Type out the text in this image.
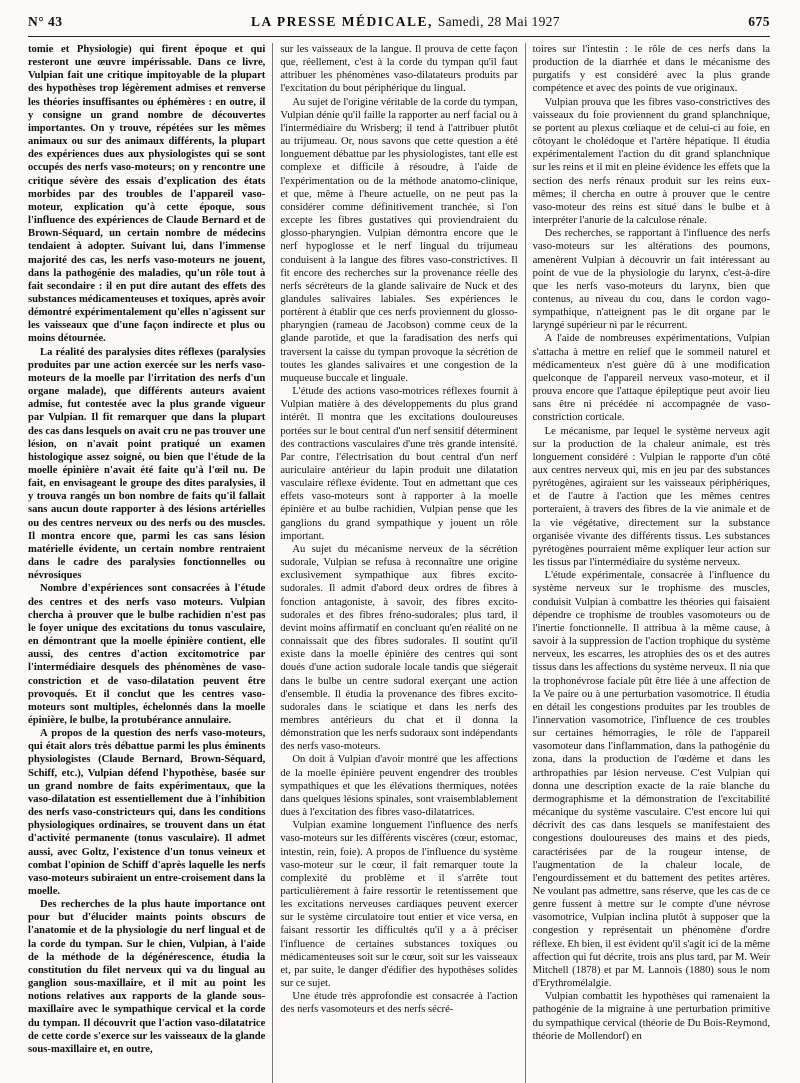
N° 43	LA PRESSE MÉDICALE, Samedi, 28 Mai 1927	675

tomie et Physiologie) qui firent époque et qui resteront une œuvre impérissable. Dans ce livre, Vulpian fait une critique impitoyable de la plupart des hypothèses trop légèrement admises et renverse les théories insuffisantes ou éphémères : en outre, il y consigne un grand nombre de découvertes importantes. On y trouve, répétées sur les mêmes animaux ou sur des animaux différents, la plupart des expériences dues aux physiologistes qui se sont occupés des nerfs vaso-moteurs; on y rencontre une critique sévère des essais d'explication des états morbides par des troubles de l'appareil vaso-moteur, explication qu'à cette époque, sous l'influence des expériences de Claude Bernard et de Brown-Séquard, un certain nombre de médecins tendaient à adopter. Suivant lui, dans l'immense majorité des cas, les nerfs vaso-moteurs ne jouent, dans la pathogénie des maladies, qu'un rôle tout à fait secondaire : il en put dire autant des effets des substances médicamenteuses et toxiques, après avoir démontré expérimentalement qu'elles n'agissent sur les vaisseaux que d'une façon indirecte et plus ou moins détournée.

La réalité des paralysies dites réflexes (paralysies produites par une action exercée sur les nerfs vaso-moteurs de la moelle par l'irritation des nerfs d'un organe malade), que différents auteurs avaient admise, fut contestée avec la plus grande vigueur par Vulpian. Il fit remarquer que dans la plupart des cas dans lesquels on avait cru ne pas trouver une lésion, on n'avait point pratiqué un examen histologique assez soigné, ou bien que l'étude de la moelle épinière n'avait été faite qu'à l'œil nu. De fait, en envisageant le groupe des dites paralysies, il y trouva rangés un bon nombre de faits qu'il fallait sans aucun doute rapporter à des lésions artérielles ou des centres nerveux ou des nerfs ou des muscles. Il montra encore que, parmi les cas sans lésion matérielle évidente, un certain nombre rentraient dans le cadre des paralysies fonctionnelles ou névrosiques

Nombre d'expériences sont consacrées à l'étude des centres et des nerfs vaso moteurs. Vulpian chercha à prouver que le bulbe rachidien n'est pas le foyer unique des excitations du tonus vasculaire, en démontrant que la moelle épinière contient, elle aussi, des centres d'action excitomotrice par l'intermédiaire desquels des phénomènes de vaso-constriction et de vaso-dilatation peuvent être provoqués. Et il conclut que les centres vaso-moteurs sont multiples, échelonnés dans la moelle épinière, le bulbe, la protubérance annulaire.

A propos de la question des nerfs vaso-moteurs, qui était alors très débattue parmi les plus éminents physiologistes (Claude Bernard, Brown-Séquard, Schiff, etc.), Vulpian défend l'hypothèse, basée sur un grand nombre de faits expérimentaux, que la vaso-dilatation est essentiellement due à l'inhibition des nerfs vaso-constricteurs qui, dans les conditions physiologiques ordinaires, se trouvent dans un état d'activité permanente (tonus vasculaire). Il admet aussi, avec Goltz, l'existence d'un tonus veineux et combat l'opinion de Schiff d'après laquelle les nerfs vaso-moteurs subiraient un entre-croisement dans la moelle.

Des recherches de la plus haute importance ont pour but d'élucider maints points obscurs de l'anatomie et de la physiologie du nerf lingual et de la corde du tympan. Sur le chien, Vulpian, à l'aide de la méthode de la dégénérescence, étudia la constitution du filet nerveux qui va du lingual au ganglion sous-maxillaire, et il mit au point les notions relatives aux rapports de la glande sous-maxillaire avec le sympathique cervical et la corde du tympan. Il découvrit que l'action vaso-dilatatrice de cette corde s'exerce sur les vaisseaux de la glande sous-maxillaire et, en outre,

sur les vaisseaux de la langue. Il prouva de cette façon que, réellement, c'est à la corde du tympan qu'il faut attribuer les phénomènes vaso-dilatateurs produits par l'excitation du bout périphérique du lingual.

Au sujet de l'origine véritable de la corde du tympan, Vulpian dénie qu'il faille la rapporter au nerf facial ou à l'intermédiaire du Wrisberg; il tend à l'attribuer plutôt au trijumeau. Or, nous savons que cette question a été longuement débattue par les physiologistes, tant elle est complexe et difficile à résoudre, à l'aide de l'expérimentation ou de la méthode anatomo-clinique, et que, même à l'heure actuelle, on ne peut pas la considérer comme définitivement tranchée, si l'on excepte les fibres gustatives qui proviendraient du glosso-pharyngien. Vulpian démontra encore que le nerf hypoglosse et le nerf lingual du trijumeau conduisent à la langue des fibres vaso-constrictives. Il fit encore des recherches sur la provenance réelle des nerfs sécréteurs de la glande salivaire de Nuck et des glandules salivaires labiales. Ses expériences le portèrent à établir que ces nerfs proviennent du glosso-pharyngien (rameau de Jacobson) comme ceux de la glande parotide, et que la faradisation des nerfs qui traversent la caisse du tympan provoque la sécrétion de toutes les glandes salivaires et une congestion de la muqueuse buccale et linguale.

L'étude des actions vaso-motrices réflexes fournit à Vulpian matière à des développements du plus grand intérêt. Il montra que les excitations douloureuses portées sur le bout central d'un nerf sensitif déterminent des contractions vasculaires d'une très grande intensité. Par contre, l'électrisation du bout central d'un nerf auriculaire antérieur du lapin produit une dilatation vasculaire réflexe évidente. Tout en admettant que ces effets vaso-moteurs sont à rapporter à la moelle épinière et au bulbe rachidien, Vulpian pense que les ganglions du grand sympathique y jouent un rôle important.

Au sujet du mécanisme nerveux de la sécrétion sudorale, Vulpian se refusa à reconnaître une origine exclusivement sympathique aux fibres excito-sudorales. Il admit d'abord deux ordres de fibres à fonction antagoniste, à savoir, des fibres excito-sudorales et des fibres fréno-sudorales; plus tard, il devint moins affirmatif en concluant qu'en réalité on ne connaissait que des fibres sudorales. Il soutint qu'il existe dans la moelle épinière des centres qui sont doués d'une action sudorale locale tandis que siégerait dans le bulbe un centre sudoral exerçant une action d'ensemble. Il étudia la provenance des fibres excito-sudorales dans le sciatique et dans les nerfs des membres antérieurs du chat et il donna la démonstration que les nerfs sudoraux sont indépendants des nerfs vaso-moteurs.

On doit à Vulpian d'avoir montré que les affections de la moelle épinière peuvent engendrer des troubles sympathiques et que les élévations thermiques, notées dans quelques lésions spinales, sont vraisemblablement dues à l'excitation des fibres vaso-dilatatrices.

Vulpian examine longuement l'influence des nerfs vaso-moteurs sur les différents viscères (cœur, estomac, intestin, rein, foie). A propos de l'influence du système vaso-moteur sur le cœur, il fait remarquer toute la complexité du problème et il s'arrête tout particulièrement à faire ressortir le retentissement que les excitations nerveuses cardiaques peuvent exercer sur le système circulatoire tout entier et vice versa, en faisant ressortir les difficultés qu'il y a à préciser l'influence de certaines substances toxiques ou médicamenteuses soit sur le cœur, soit sur les vaisseaux et, par suite, le danger d'édifier des hypothèses solides sur ce sujet.

Une étude très approfondie est consacrée à l'action des nerfs vasomoteurs et des nerfs sécré-

toires sur l'intestin : le rôle de ces nerfs dans la production de la diarrhée et dans le mécanisme des purgatifs y est considéré avec la plus grande compétence et avec des points de vue originaux.

Vulpian prouva que les fibres vaso-constrictives des vaisseaux du foie proviennent du grand splanchnique, se portent au plexus cœliaque et de celui-ci au foie, en côtoyant le cholédoque et l'artère hépatique. Il étudia expérimentalement l'action du dit grand splanchnique sur les reins et il mit en pleine évidence les effets que la section des nerfs rénaux produit sur les reins eux-mêmes; il chercha en outre à prouver que le centre vaso-moteur des reins est situé dans le bulbe et à interpréter l'anurie de la calculose rénale.

Des recherches, se rapportant à l'influence des nerfs vaso-moteurs sur les altérations des poumons, amenèrent Vulpian à découvrir un fait intéressant au point de vue de la physiologie du larynx, c'est-à-dire que les nerfs vaso-moteurs du larynx, bien que contenus, au niveau du cou, dans le cordon vago-sympathique, n'atteignent pas le dit organe par le laryngé supérieur ni par le récurrent.

A l'aide de nombreuses expérimentations, Vulpian s'attacha à mettre en relief que le sommeil naturel et médicamenteux n'est guère dû à une modification quelconque de l'appareil nerveux vaso-moteur, et il prouva encore que l'attaque épileptique peut avoir lieu sans être ni précédée ni accompagnée de vaso-constriction corticale.

Le mécanisme, par lequel le système nerveux agit sur la production de la chaleur animale, est très longuement considéré : Vulpian le rapporte d'un côté aux centres nerveux qui, mis en jeu par des substances pyrétogènes, agiraient sur les vaisseaux périphériques, et de l'autre à l'action que les mêmes centres porteraient, à travers des fibres de la vie animale et de la vie végétative, directement sur la substance organisée vivante des différents tissus. Les substances pyrétogènes pourraient même expliquer leur action sur les tissus par l'intermédiaire du système nerveux.

L'étude expérimentale, consacrée à l'influence du système nerveux sur le trophisme des muscles, conduisit Vulpian à combattre les théories qui faisaient dépendre ce trophisme de troubles vasomoteurs ou de l'inertie fonctionnelle. Il attribua à la même cause, à savoir à la suppression de l'action trophique du système nerveux, les escarres, les atrophies des os et des autres tissus dans les affections du système nerveux. Il nia que la trophonévrose faciale pût être liée à une affection de la Ve paire ou à une perturbation vasomotrice. Il étudia en détail les congestions produites par les troubles de l'innervation vasomotrice, l'influence de ces troubles sur certaines hémorragies, le rôle de l'appareil vasomoteur dans l'inflammation, dans la pathogénie du zona, dans la production de l'œdème et dans les arthropathies par lésion nerveuse. C'est Vulpian qui donna une description exacte de la raie blanche du dermographisme et la démonstration de l'excitabilité mécanique du système vasculaire. C'est encore lui qui décrivit des cas dans lesquels se manifestaient des congestions douloureuses des mains et des pieds, caractérisées par de la rougeur intense, de l'augmentation de la chaleur locale, de l'engourdissement et du battement des petites artères. Ne voulant pas admettre, sans réserve, que les cas de ce genre fussent à mettre sur le compte d'une névrose vasomotrice, Vulpian inclina plutôt à supposer que la congestion y représentait un phénomène d'ordre réflexe. Eh bien, il est évident qu'il s'agit ici de la même affection qui fut décrite, trois ans plus tard, par M. Weir Mitchell (1878) et par M. Lannois (1880) sous le nom d'Erythromélalgie.

Vulpian combattit les hypothèses qui ramenaient la pathogénie de la migraine à une perturbation primitive du sympathique cervical (théorie de Du Bois-Reymond, théorie de Mollendorf) en
